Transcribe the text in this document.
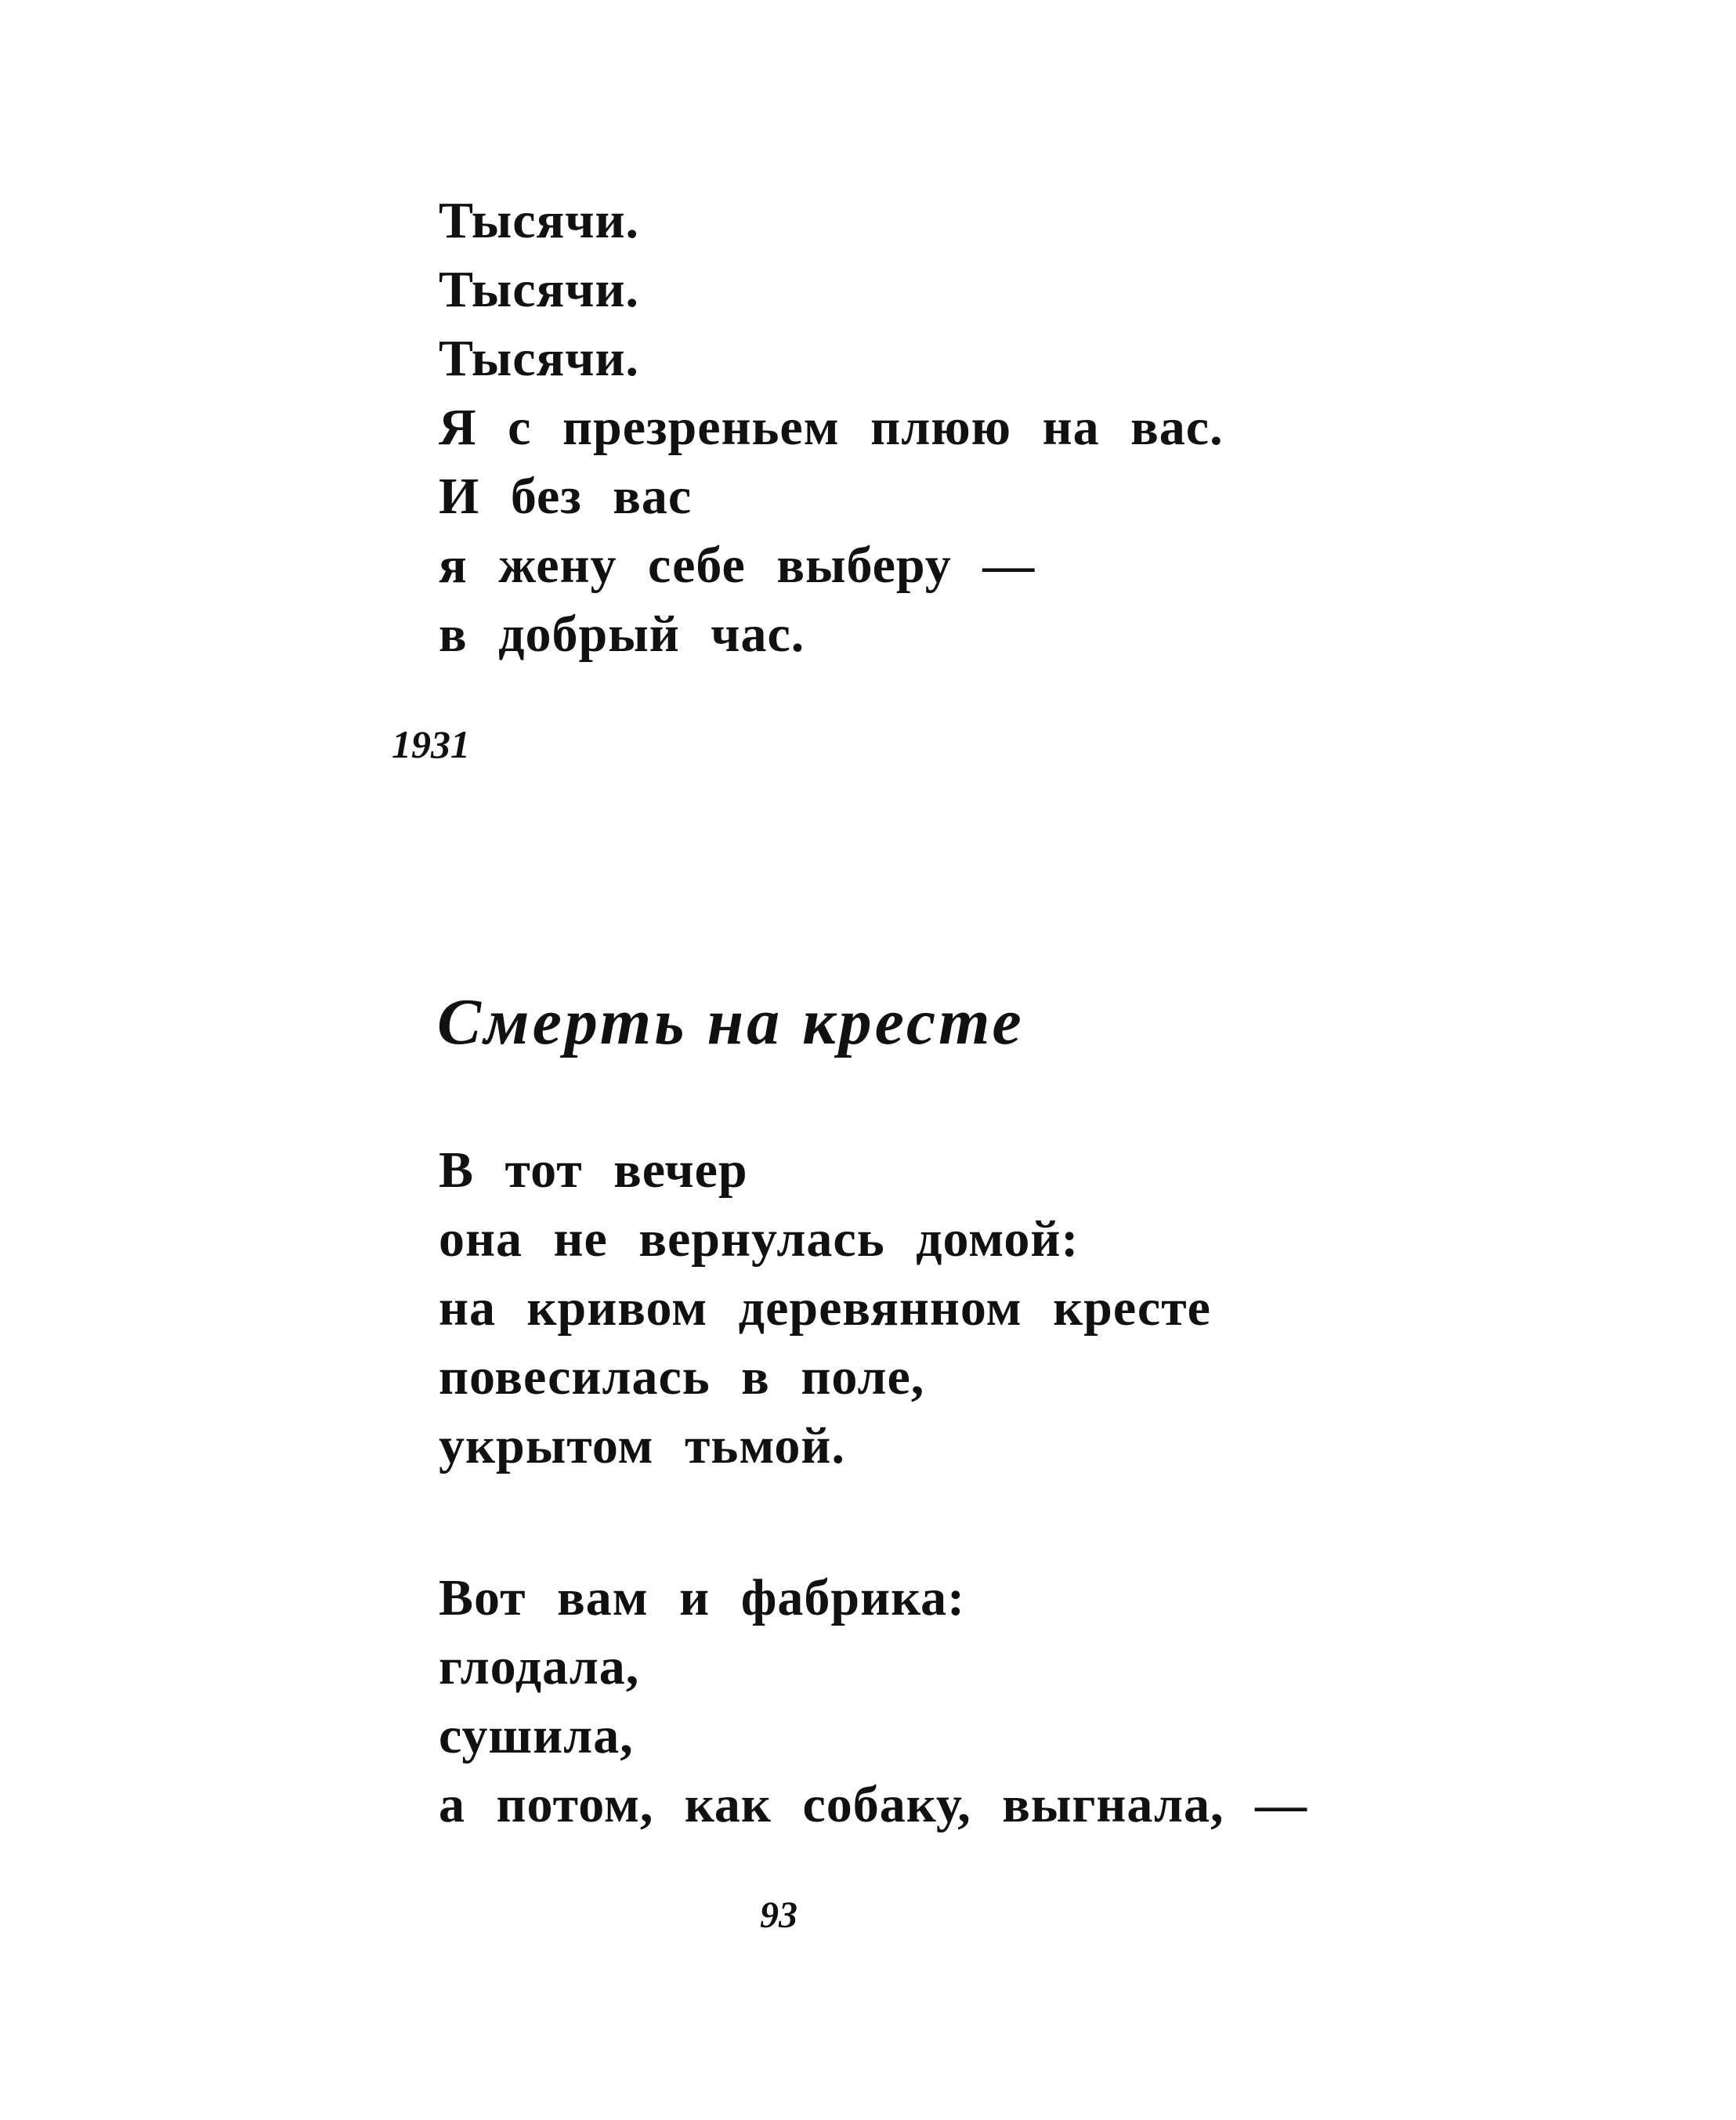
Тысячи.
Тысячи.
Тысячи.
Я с презреньем плюю на вас.
И без вас
я жену себе выберу —
в добрый час.
1931
Смерть на кресте
В тот вечер
она не вернулась домой:
на кривом деревянном кресте
повесилась в поле,
укрытом тьмой.
Вот вам и фабрика:
глодала,
сушила,
а потом, как собаку, выгнала, —
93
